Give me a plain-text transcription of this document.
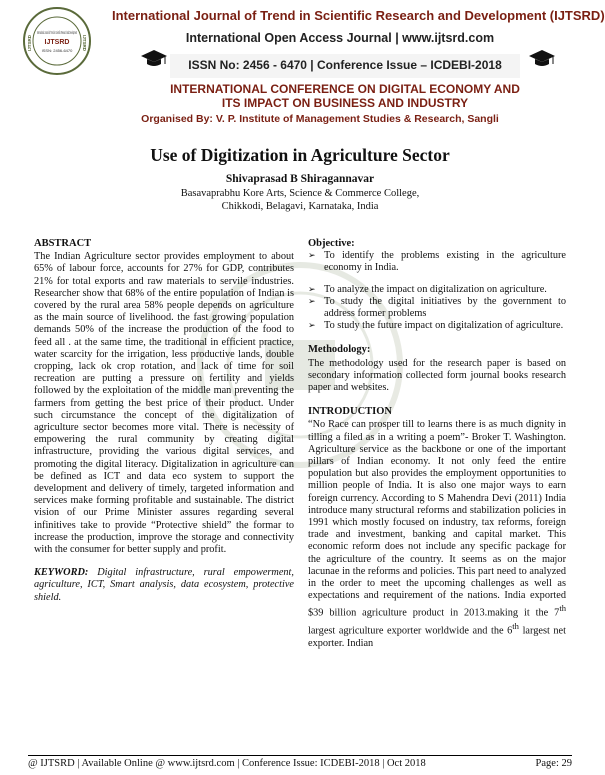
International Journal of Trend in Scientific Research and Development
IJTSRD
ISSN: 2456-6470
IJTSRD	IJTSRD
International Journal of Trend in Scientific Research and Development (IJTSRD)
International Open Access Journal | www.ijtsrd.com
ISSN No: 2456 - 6470 | Conference Issue – ICDEBI-2018
INTERNATIONAL CONFERENCE ON DIGITAL ECONOMY AND
ITS IMPACT ON BUSINESS AND INDUSTRY
Organised By: V. P. Institute of Management Studies & Research, Sangli
Use of Digitization in Agriculture Sector
Shivaprasad B Shiragannavar
Basavaprabhu Kore Arts, Science & Commerce College,
Chikkodi, Belagavi, Karnataka, India
ABSTRACT
The Indian Agriculture sector provides employment to about 65% of labour force, accounts for 27% for GDP, contributes 21% for total exports and raw materials to servile industries. Researcher show that 68% of the entire population of Indian is covered by the rural area 58% people depends on agriculture as the main source of livelihood. the fast growing population demands 50% of the increase the production of the food to feed all . at the same time, the traditional in efficient practice, water scarcity for the irrigation, less productive lands, double cropping, lack ok crop rotation, and lack of time for soil recreation are putting a pressure on fertility and yields followed by the exploitation of the middle man preventing the farmers from getting the best price of their product. Under such circumstance the concept of the digitalization of agriculture sector becomes more vital. There is necessity of empowering the rural community by creating digital infrastructure, providing the various digital services, and promoting the digital literacy. Digitalization in agriculture can be defined as ICT and data eco system to support the development and delivery of timely, targeted information and services make forming profitable and sustainable. The district vision of our Prime Minister assures regarding several infinitives take to provide “Protective shield” the formar to increase the production, improve the storage and connectivity with the consumer for better supply and profit.
KEYWORD: Digital infrastructure, rural empowerment, agriculture, ICT, Smart analysis, data ecosystem, protective shield.
Objective:
➢ To identify the problems existing in the agriculture economy in India.
➢ To analyze the impact on digitalization on agriculture.
➢ To study the digital initiatives by the government to address former problems
➢ To study the future impact on digitalization of agriculture.
Methodology:
The methodology used for the research paper is based on secondary information collected form journal books research paper and websites.
INTRODUCTION
“No Race can prosper till to learns there is as much dignity in tilling a filed as in a writing a poem”- Broker T. Washington. Agriculture service as the backbone or one of the important pillars of Indian economy. It not only feed the entire population but also provides the employment opportunities to million people of India. It is also one major ways to earn foreign currency. According to S Mahendra Devi (2011) India introduce many structural reforms and stabilization policies in 1991 which mostly focused on industry, tax reforms, foreign trade and investment, banking and capital market. This economic reform does not include any specific package for the agriculture of the country. It seems as on the major lacunae in the reforms and policies. This part need to analyzed in the order to meet the upcoming challenges as well as expectations and requirement of the nations. India exported $39 billion agriculture product in 2013.making it the 7th largest agriculture exporter worldwide and the 6th largest net exporter. Indian
@ IJTSRD | Available Online @ www.ijtsrd.com | Conference Issue: ICDEBI-2018 | Oct 2018	Page: 29
